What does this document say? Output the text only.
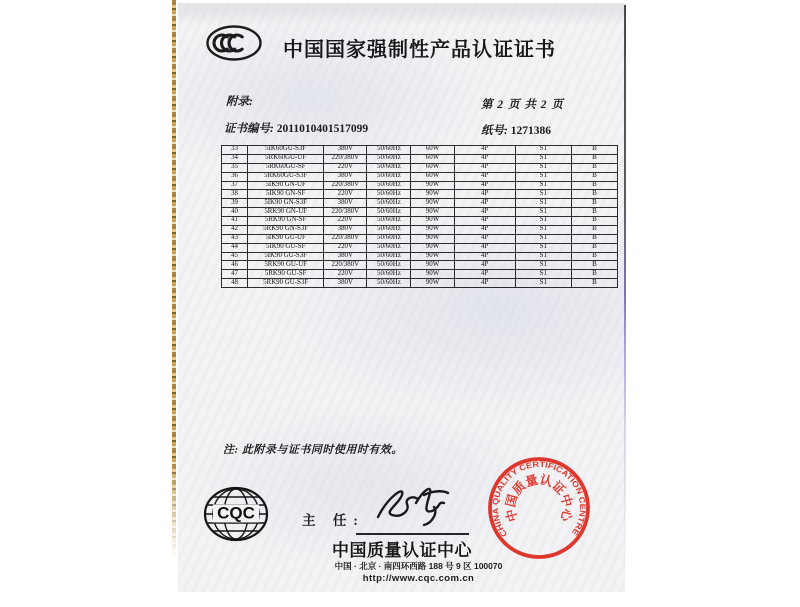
中国国家强制性产品认证证书
附录:	第 2 页 共 2 页
证书编号: 2011010401517099	纸号: 1271386
33	5IK60GU-S3F	380V	50/60Hz	60W	4P	S1	B
34	5RK60GU-UF	220/380V	50/60Hz	60W	4P	S1	B
35	5RK60GU-SF	220V	50/60Hz	60W	4P	S1	B
36	5RK60GU-S3F	380V	50/60Hz	60W	4P	S1	B
37	5IK90 GN-UF	220/380V	50/60Hz	90W	4P	S1	B
38	5IK90 GN-SF	220V	50/60Hz	90W	4P	S1	B
39	5IK90 GN-S3F	380V	50/60Hz	90W	4P	S1	B
40	5RK90 GN-UF	220/380V	50/60Hz	90W	4P	S1	B
41	5RK90 GN-SF	220V	50/60Hz	90W	4P	S1	B
42	5RK90 GN-S3F	380V	50/60Hz	90W	4P	S1	B
43	5IK90 GU-UF	220/380V	50/60Hz	90W	4P	S1	B
44	5IK90 GU-SF	220V	50/60Hz	90W	4P	S1	B
45	5IK90 GU-S3F	380V	50/60Hz	90W	4P	S1	B
46	5RK90 GU-UF	220/380V	50/60Hz	90W	4P	S1	B
47	5RK90 GU-SF	220V	50/60Hz	90W	4P	S1	B
48	5RK90 GU-S3F	380V	50/60Hz	90W	4P	S1	B
注: 此附录与证书同时使用时有效。
CQC	主 任:
中国质量认证中心
中国 · 北京 · 南四环西路 188 号 9 区 100070
http://www.cqc.com.cn
CHINA QUALITY CERTIFICATION CENTRE
中国质量认证中心
